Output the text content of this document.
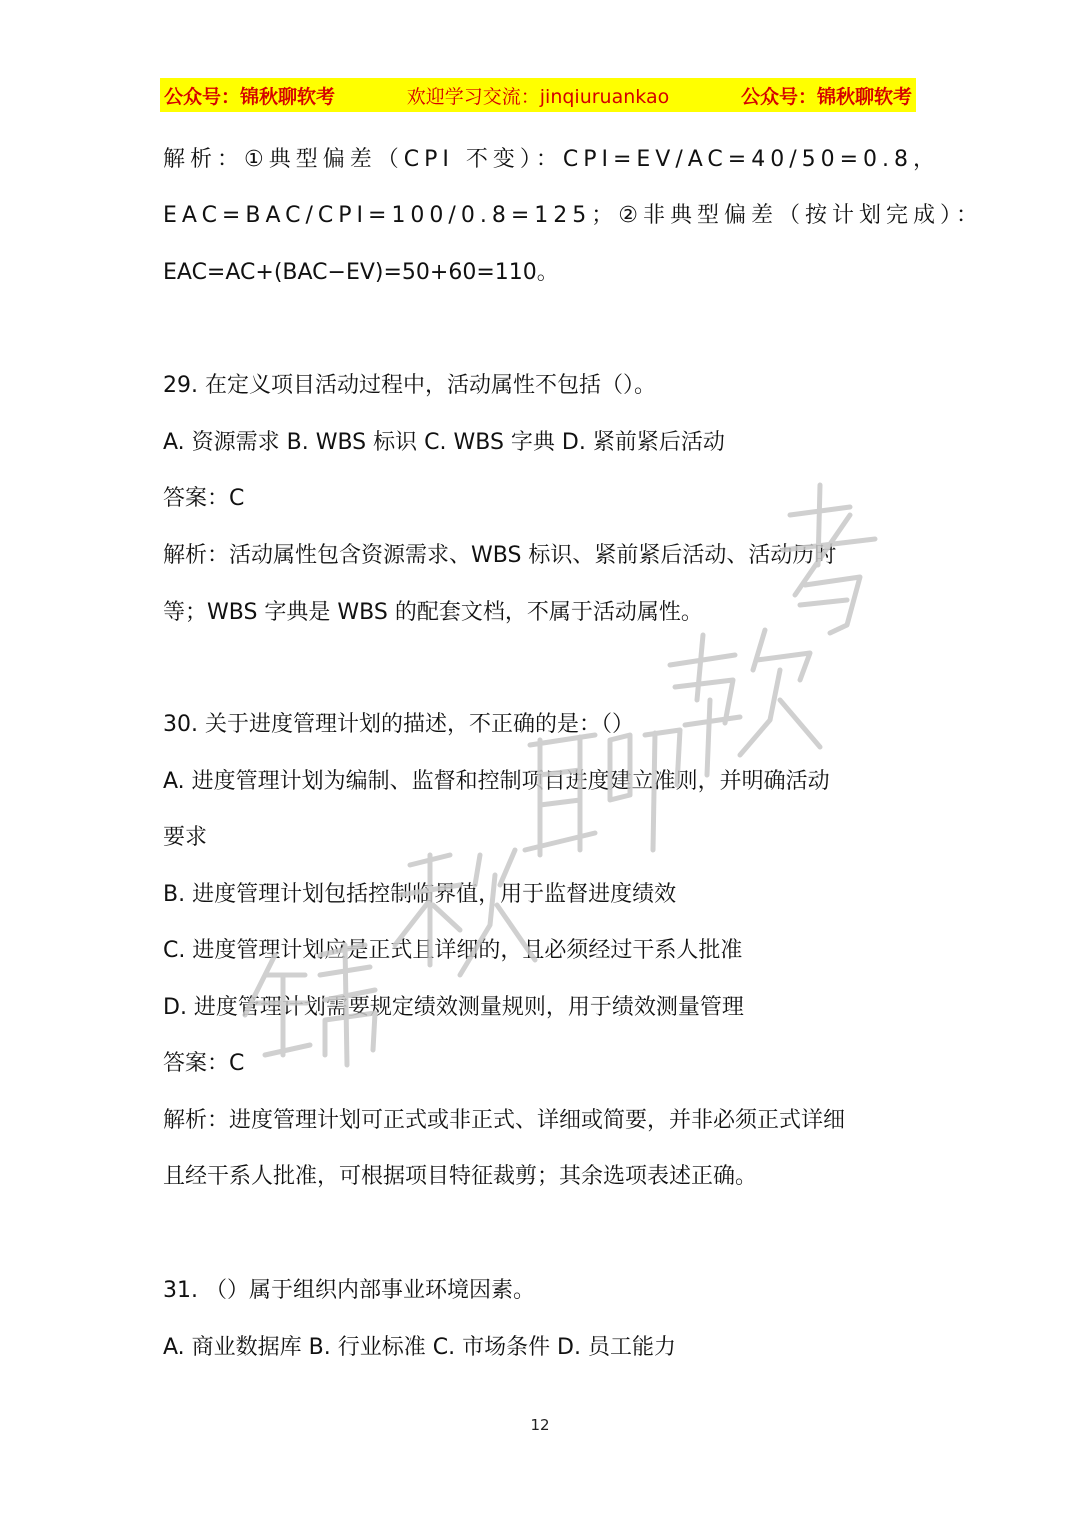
公众号：锦秋聊软考	欢迎学习交流：jinqiuruankao	公众号：锦秋聊软考
解析：①典型偏差（CPI 不变）：CPI=EV/AC=40/50=0.8，
EAC=BAC/CPI=100/0.8=125；②非典型偏差（按计划完成）：
EAC=AC+(BAC−EV)=50+60=110。
29. 在定义项目活动过程中，活动属性不包括（）。
A. 资源需求 B. WBS 标识 C. WBS 字典 D. 紧前紧后活动
答案：C
解析：活动属性包含资源需求、WBS 标识、紧前紧后活动、活动历时
等；WBS 字典是 WBS 的配套文档，不属于活动属性。
30. 关于进度管理计划的描述，不正确的是：（）
A. 进度管理计划为编制、监督和控制项目进度建立准则，并明确活动
要求
B. 进度管理计划包括控制临界值，用于监督进度绩效
C. 进度管理计划应是正式且详细的，且必须经过干系人批准
D. 进度管理计划需要规定绩效测量规则，用于绩效测量管理
答案：C
解析：进度管理计划可正式或非正式、详细或简要，并非必须正式详细
且经干系人批准，可根据项目特征裁剪；其余选项表述正确。
31. （）属于组织内部事业环境因素。
A. 商业数据库 B. 行业标准 C. 市场条件 D. 员工能力
12
